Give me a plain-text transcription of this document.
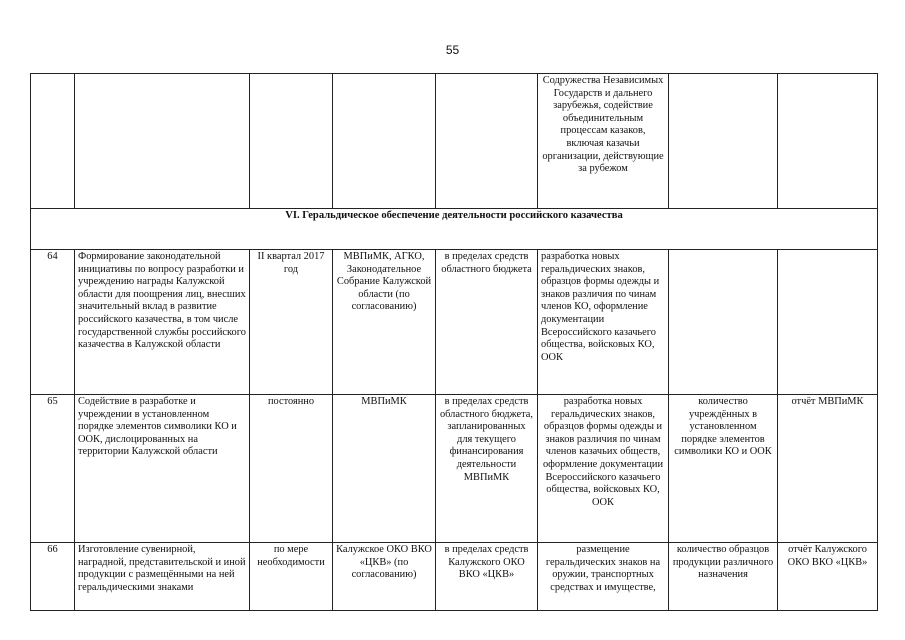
55
					Содружества Независимых Государств и дальнего зарубежья, содействие объединительным процессам казаков, включая казачьи организации, действующие за рубежом		
VI. Геральдическое обеспечение деятельности российского казачества							
64	Формирование законодательной инициативы по вопросу разработки и учреждению награды Калужской области для поощрения лиц, внесших значительный вклад в развитие российского казачества, в том числе государственной службы российского казачества в Калужской области	II квартал 2017 год	МВПиМК, АГКО, Законодательное Собрание Калужской области (по согласованию)	в пределах средств областного бюджета	разработка новых геральдических знаков, образцов формы одежды и знаков различия по чинам членов КО, оформление документации Всероссийского казачьего общества, войсковых КО, ООК		
65	Содействие в разработке и учреждении в установленном порядке элементов символики КО и ООК, дислоцированных на территории Калужской области	постоянно	МВПиМК	в пределах средств областного бюджета, запланированных для текущего финансирования деятельности МВПиМК	разработка новых геральдических знаков, образцов формы одежды и знаков различия по чинам членов казачьих обществ, оформление документации Всероссийского казачьего общества, войсковых КО, ООК	количество учреждённых в установленном порядке элементов символики КО и ООК	отчёт МВПиМК
66	Изготовление сувенирной, наградной, представительской и иной продукции с размещёнными на ней геральдическими знаками	по мере необходимости	Калужское ОКО ВКО «ЦКВ» (по согласованию)	в пределах средств Калужского ОКО ВКО «ЦКВ»	размещение геральдических знаков на оружии, транспортных средствах и имуществе,	количество образцов продукции различного назначения	отчёт Калужского ОКО ВКО «ЦКВ»
